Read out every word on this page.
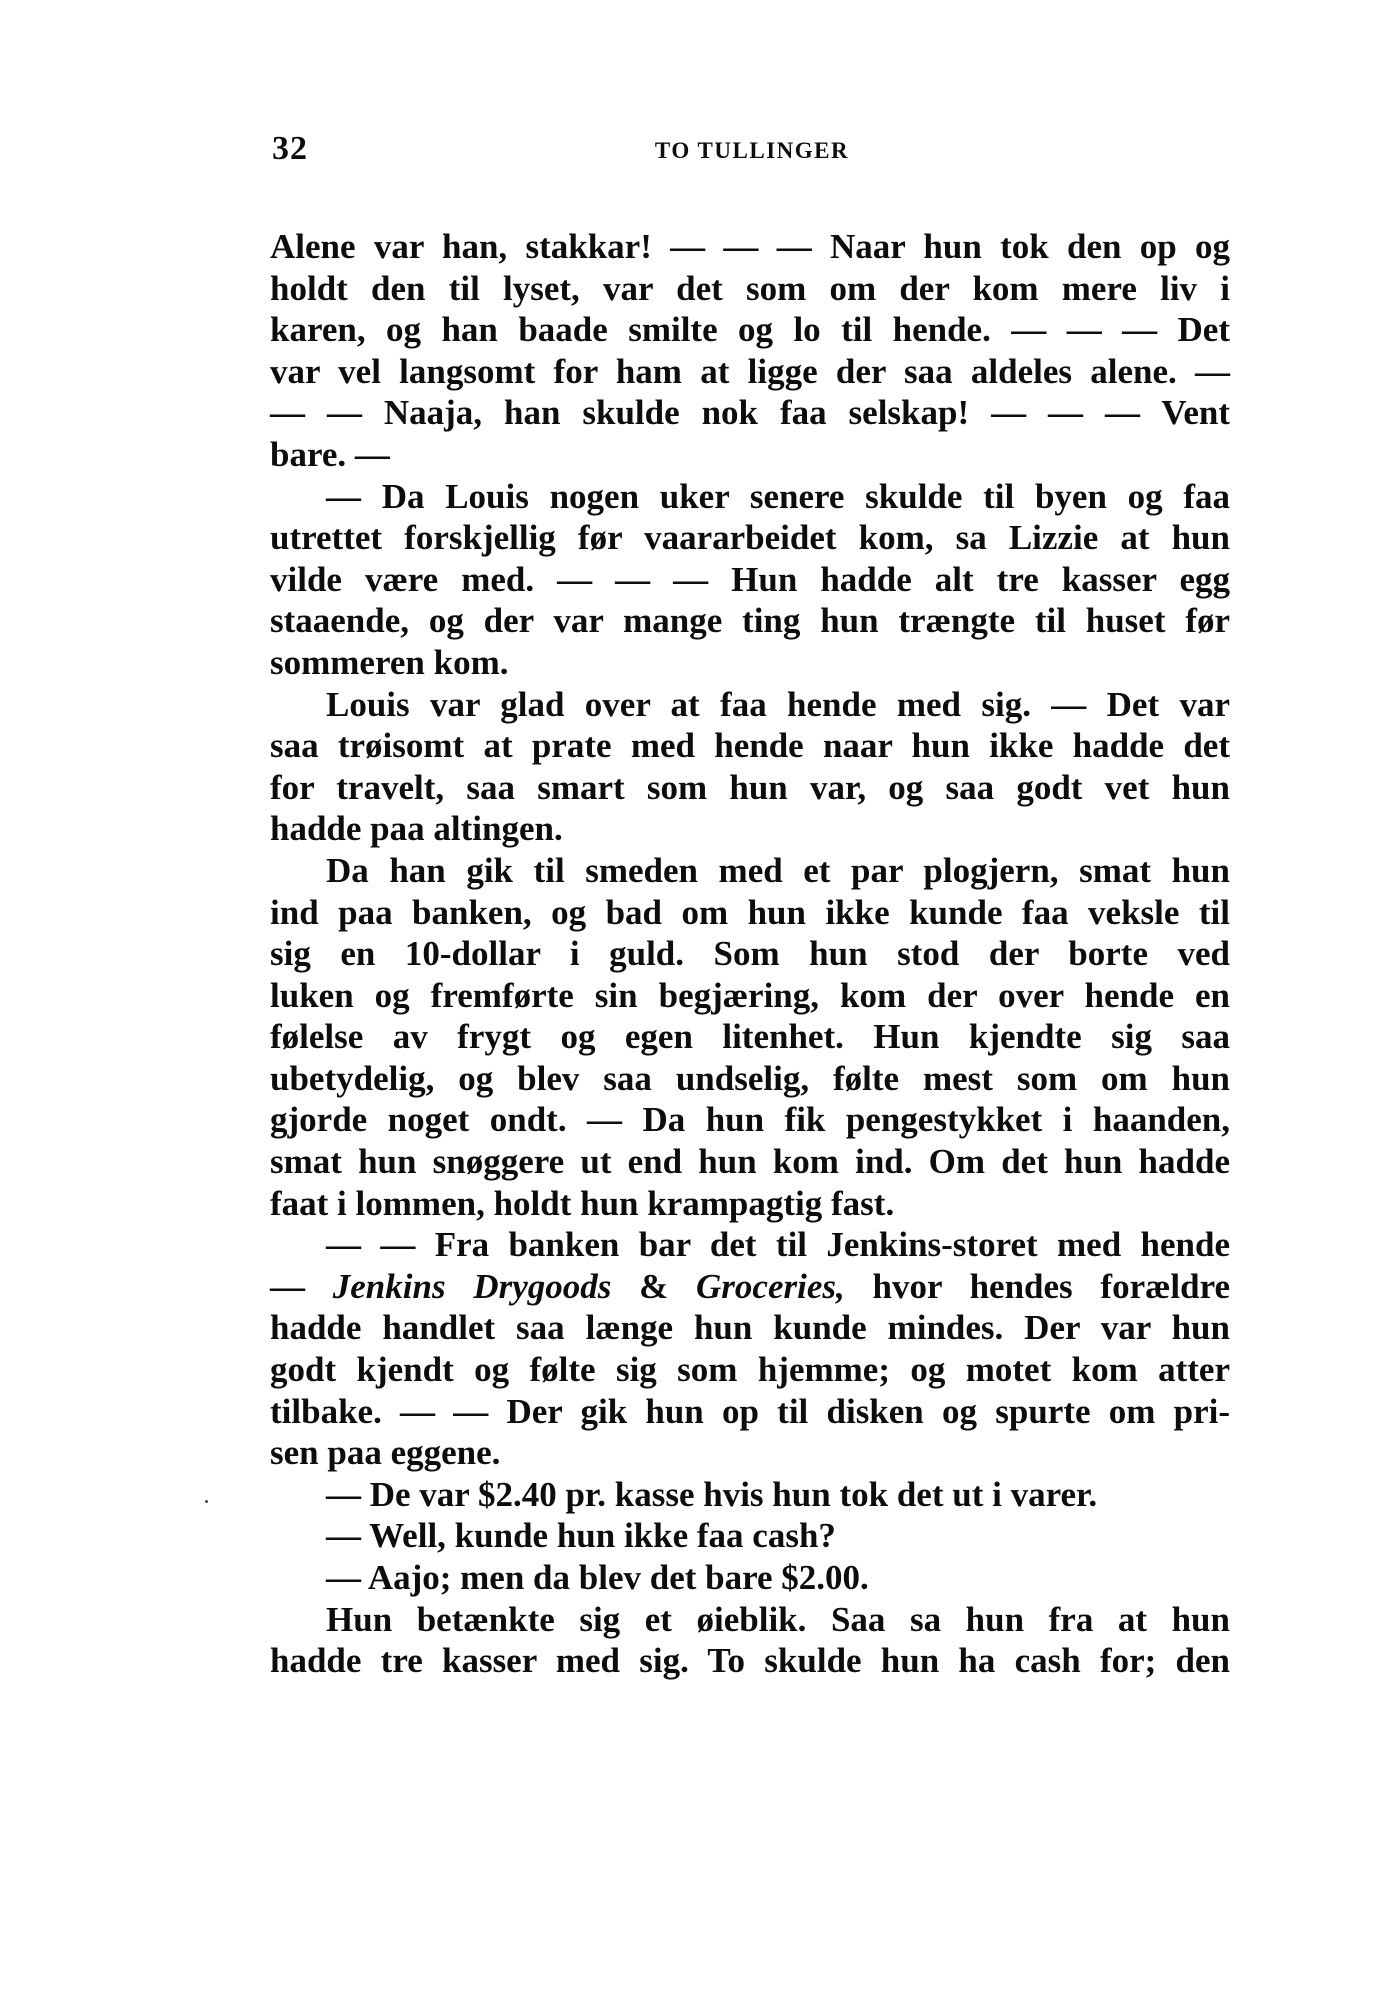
32	TO TULLINGER
Alene var han, stakkar! — — — Naar hun tok den op og
holdt den til lyset, var det som om der kom mere liv i
karen, og han baade smilte og lo til hende. — — — Det
var vel langsomt for ham at ligge der saa aldeles alene. —
— — Naaja, han skulde nok faa selskap! — — — Vent
bare. —
— Da Louis nogen uker senere skulde til byen og faa
utrettet forskjellig før vaararbeidet kom, sa Lizzie at hun
vilde være med. — — — Hun hadde alt tre kasser egg
staaende, og der var mange ting hun trængte til huset før
sommeren kom.
Louis var glad over at faa hende med sig. — Det var
saa trøisomt at prate med hende naar hun ikke hadde det
for travelt, saa smart som hun var, og saa godt vet hun
hadde paa altingen.
Da han gik til smeden med et par plogjern, smat hun
ind paa banken, og bad om hun ikke kunde faa veksle til
sig en 10-dollar i guld. Som hun stod der borte ved
luken og fremførte sin begjæring, kom der over hende en
følelse av frygt og egen litenhet. Hun kjendte sig saa
ubetydelig, og blev saa undselig, følte mest som om hun
gjorde noget ondt. — Da hun fik pengestykket i haanden,
smat hun snøggere ut end hun kom ind. Om det hun hadde
faat i lommen, holdt hun krampagtig fast.
— — Fra banken bar det til Jenkins-storet med hende
— Jenkins Drygoods & Groceries, hvor hendes forældre
hadde handlet saa længe hun kunde mindes. Der var hun
godt kjendt og følte sig som hjemme; og motet kom atter
tilbake. — — Der gik hun op til disken og spurte om pri-
sen paa eggene.
— De var $2.40 pr. kasse hvis hun tok det ut i varer.
— Well, kunde hun ikke faa cash?
— Aajo; men da blev det bare $2.00.
Hun betænkte sig et øieblik. Saa sa hun fra at hun
hadde tre kasser med sig. To skulde hun ha cash for; den
